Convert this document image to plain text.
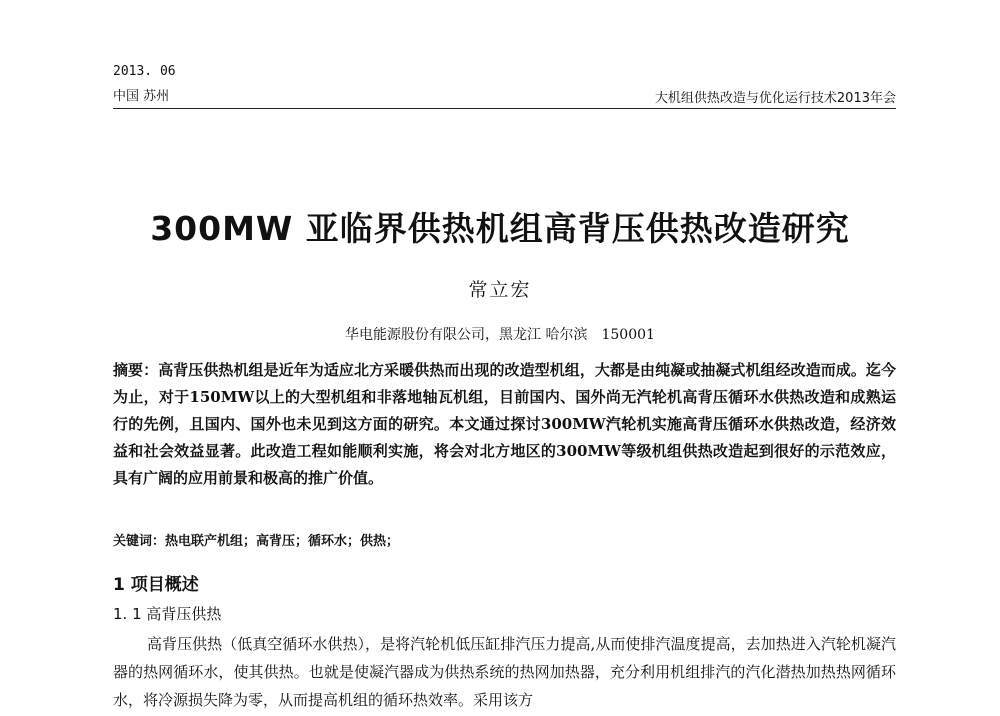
2013. 06
中国 苏州	大机组供热改造与优化运行技术2013年会
300MW 亚临界供热机组高背压供热改造研究
常立宏
华电能源股份有限公司，黑龙江 哈尔滨　150001
摘要：高背压供热机组是近年为适应北方采暖供热而出现的改造型机组，大都是由纯凝或抽凝式机组经改造而成。迄今为止，对于150MW以上的大型机组和非落地轴瓦机组，目前国内、国外尚无汽轮机高背压循环水供热改造和成熟运行的先例，且国内、国外也未见到这方面的研究。本文通过探讨300MW汽轮机实施高背压循环水供热改造，经济效益和社会效益显著。此改造工程如能顺利实施，将会对北方地区的300MW等级机组供热改造起到很好的示范效应，具有广阔的应用前景和极高的推广价值。
关键词：热电联产机组；高背压；循环水；供热；
1 项目概述
1. 1 高背压供热
高背压供热（低真空循环水供热），是将汽轮机低压缸排汽压力提高,从而使排汽温度提高，去加热进入汽轮机凝汽器的热网循环水，使其供热。也就是使凝汽器成为供热系统的热网加热器，充分利用机组排汽的汽化潜热加热热网循环水，将冷源损失降为零，从而提高机组的循环热效率。采用该方
